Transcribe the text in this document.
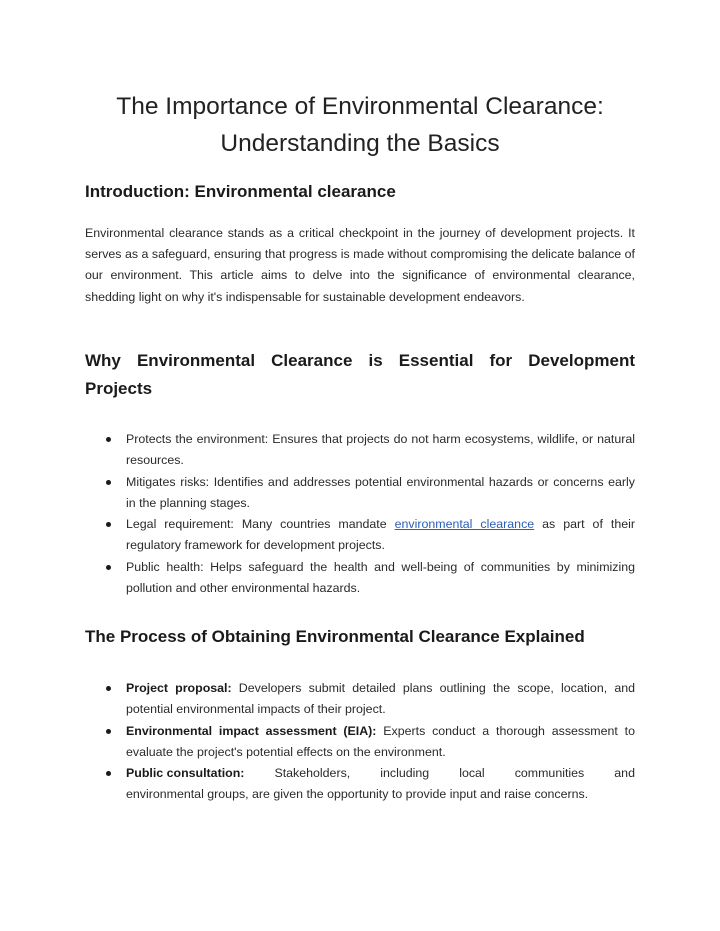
The Importance of Environmental Clearance:
Understanding the Basics
Introduction: Environmental clearance

Environmental clearance stands as a critical checkpoint in the journey of development projects. It serves as a safeguard, ensuring that progress is made without compromising the delicate balance of our environment. This article aims to delve into the significance of environmental clearance, shedding light on why it's indispensable for sustainable development endeavors.

Why Environmental Clearance is Essential for Development
Projects
Protects the environment: Ensures that projects do not harm ecosystems, wildlife, or natural resources.
Mitigates risks: Identifies and addresses potential environmental hazards or concerns early in the planning stages.
Legal requirement: Many countries mandate environmental clearance as part of their regulatory framework for development projects.
Public health: Helps safeguard the health and well-being of communities by minimizing pollution and other environmental hazards.
The Process of Obtaining Environmental Clearance Explained
Project proposal: Developers submit detailed plans outlining the scope, location, and potential environmental impacts of their project.
Environmental impact assessment (EIA): Experts conduct a thorough assessment to evaluate the project's potential effects on the environment.
Public consultation: Stakeholders, including local communities and
environmental groups, are given the opportunity to provide input and raise concerns.
